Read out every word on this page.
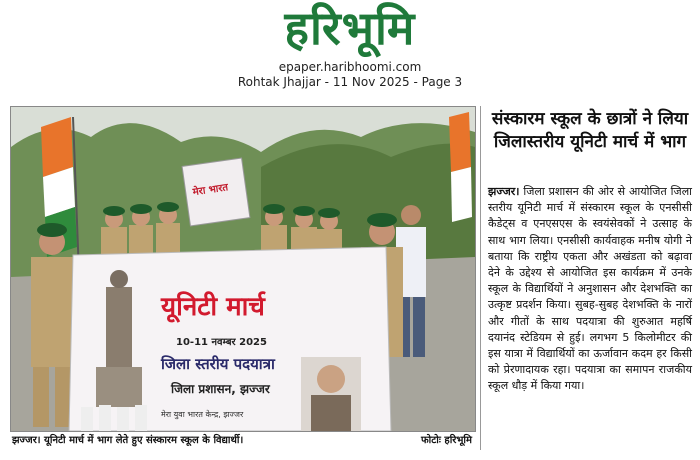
हरिभूमि
epaper.haribhoomi.com
Rohtak Jhajjar - 11 Nov 2025 - Page 3
मेरा भारत
यूनिटी मार्च
10-11 नवम्बर 2025
जिला स्तरीय पदयात्रा
जिला प्रशासन, झज्जर
मेरा युवा भारत केन्द्र, झज्जर
झज्जर। यूनिटी मार्च में भाग लेते हुए संस्कारम स्कूल के विद्यार्थी।	फोटोः हरिभूमि
संस्कारम स्कूल के छात्रों ने लिया जिलास्तरीय यूनिटी मार्च में भाग
झज्जर। जिला प्रशासन की ओर से आयोजित जिला स्तरीय यूनिटी मार्च में संस्कारम स्कूल के एनसीसी कैडेट्स व एनएसएस के स्वयंसेवकों ने उत्साह के साथ भाग लिया। एनसीसी कार्यवाहक मनीष योगी ने बताया कि राष्ट्रीय एकता और अखंडता को बढ़ावा देने के उद्देश्य से आयोजित इस कार्यक्रम में उनके स्कूल के विद्यार्थियों ने अनुशासन और देशभक्ति का उत्कृष्ट प्रदर्शन किया। सुबह-सुबह देशभक्ति के नारों और गीतों के साथ पदयात्रा की शुरुआत महर्षि दयानंद स्टेडियम से हुई। लगभग 5 किलोमीटर की इस यात्रा में विद्यार्थियों का ऊर्जावान कदम हर किसी को प्रेरणादायक रहा। पदयात्रा का समापन राजकीय स्कूल धौड़ में किया गया।
